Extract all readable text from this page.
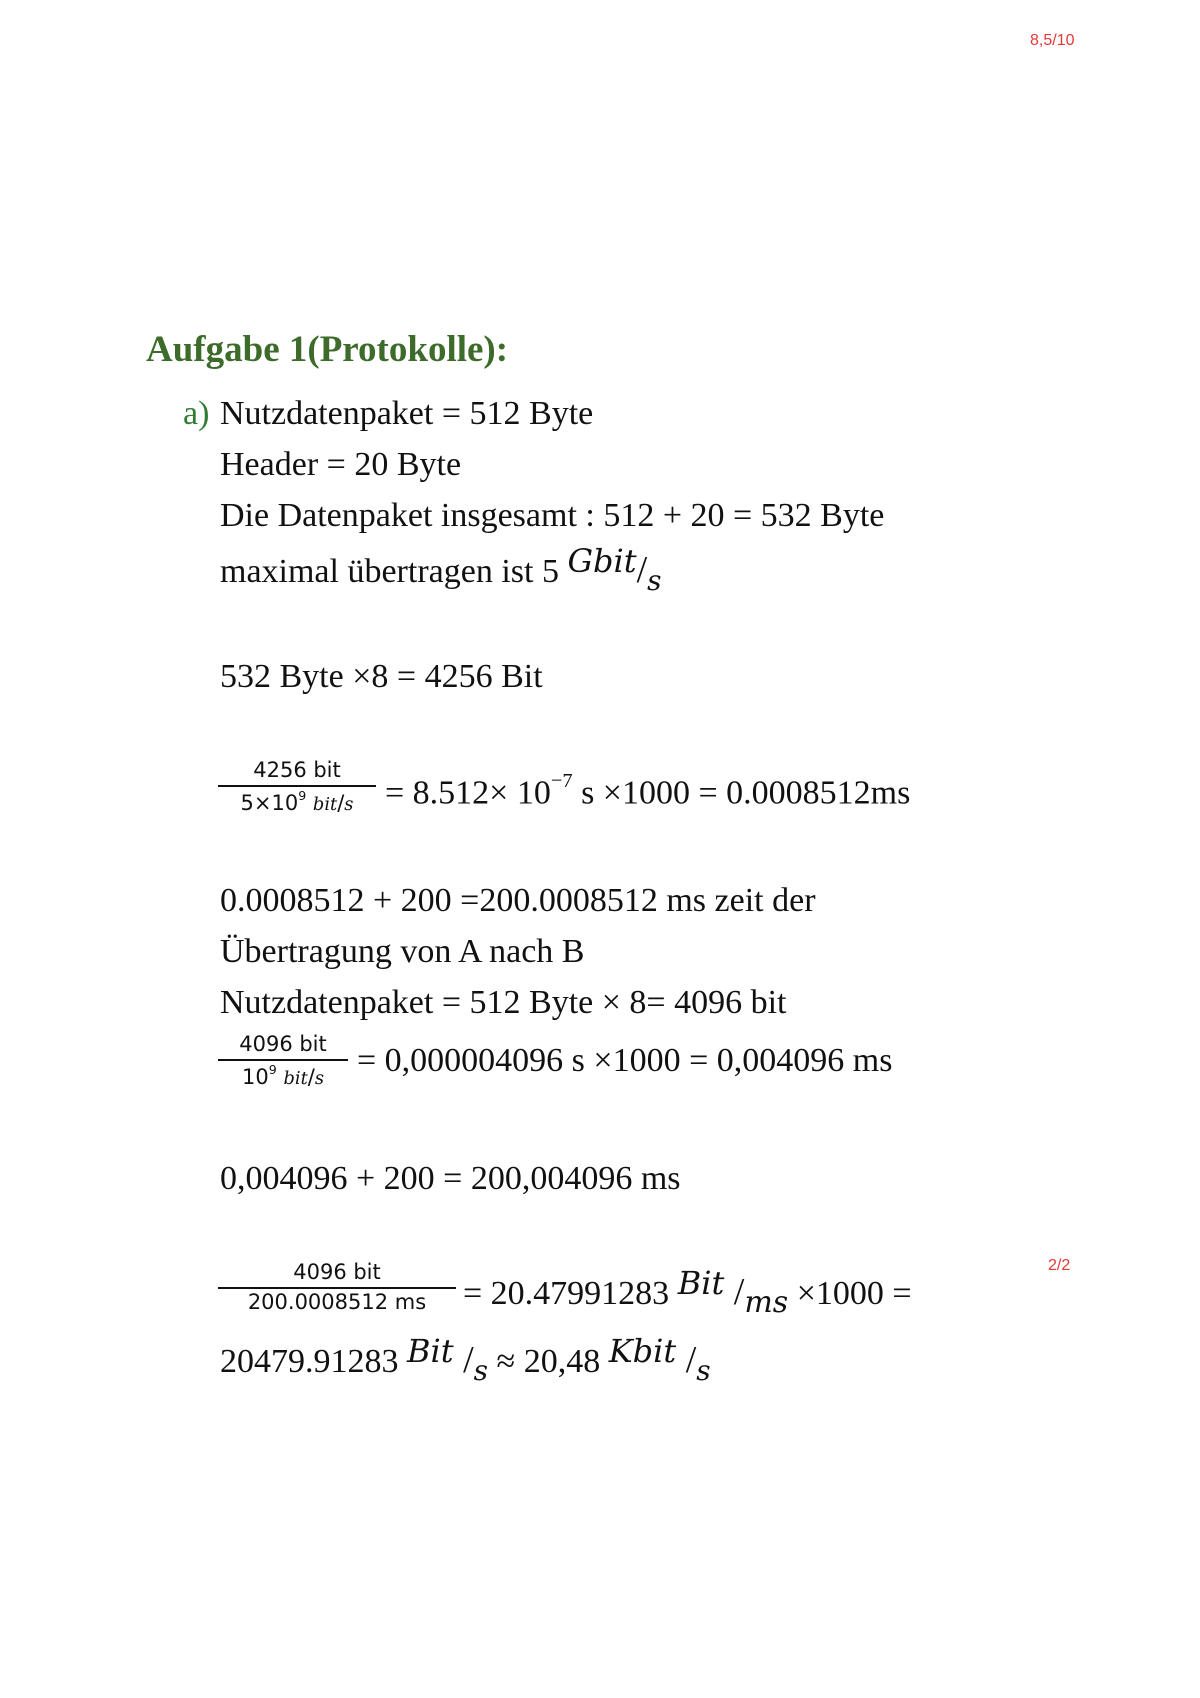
8,5/10
2/2
Aufgabe 1(Protokolle):
a) Nutzdatenpaket = 512 Byte
Header = 20 Byte
Die Datenpaket insgesamt : 512 + 20 = 532 Byte
maximal übertragen ist 5 Gbit/$_s$
532 Byte ×8 = 4256 Bit
4256 bit
$5\times 10^9$ $bit/s = 8.512\times 10^{-7}$ s ×1000 = 0.0008512ms
0.0008512 + 200 =200.0008512 ms zeit der
Übertragung von A nach B
Nutzdatenpaket = 512 Byte × 8= 4096 bit
4096 bit
$10^9$ bit/s = 0,000004096 s ×1000 = 0,004096 ms
0,004096 + 200 = 200,004096 ms
4096 bit
200.0008512 ms	= 20.47991283 Bit /ms ×1000 =
20479.91283 Bit $/_s \approx 20,48$ Kbit $/_s$
